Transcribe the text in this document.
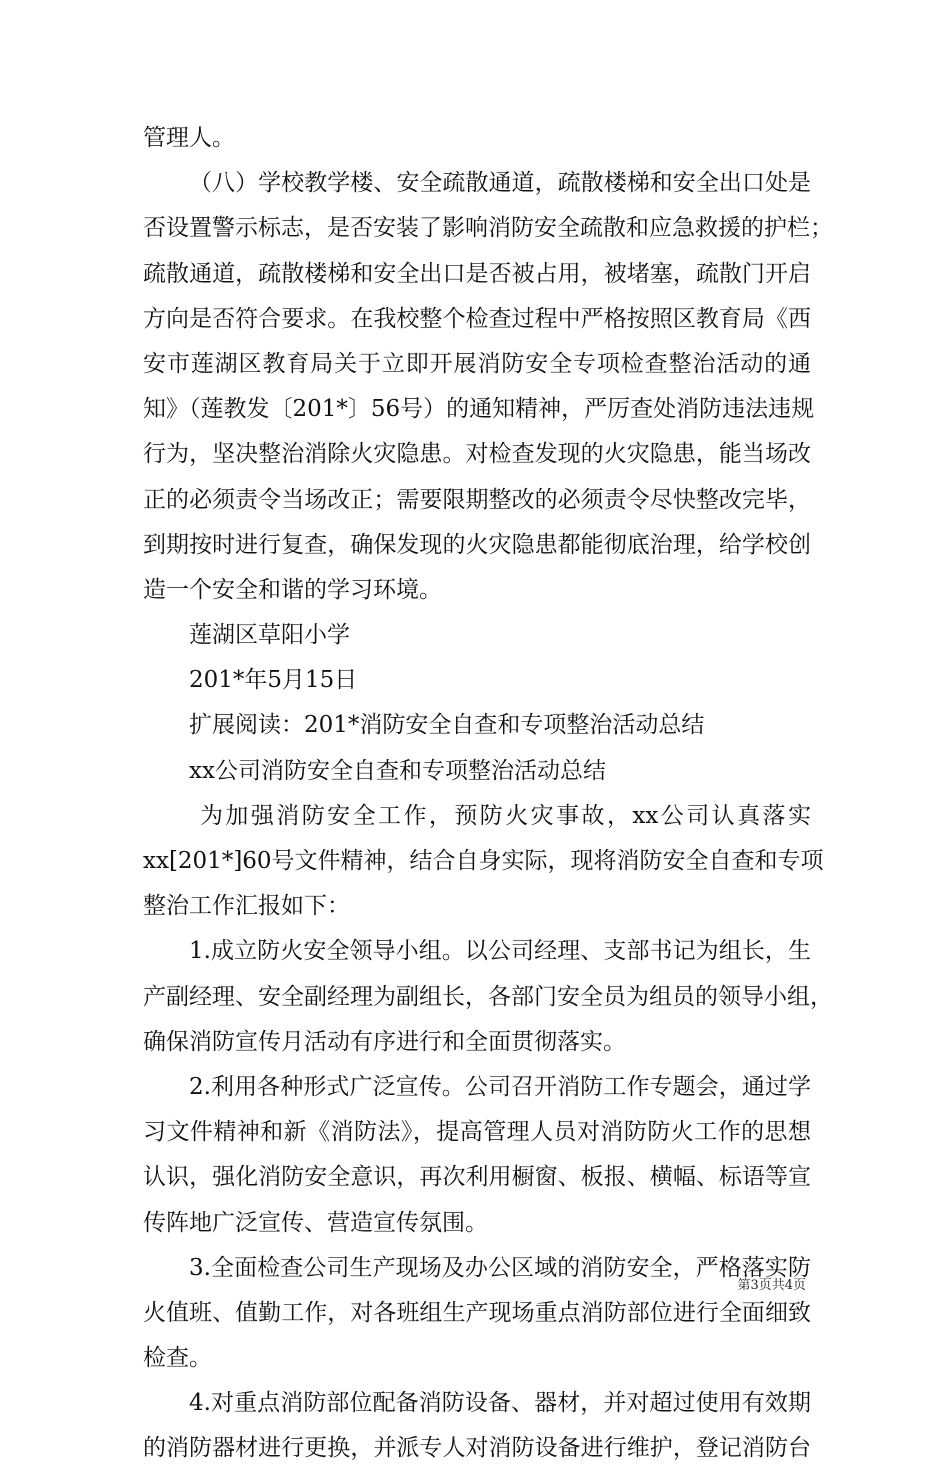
管理人。
（八）学校教学楼、安全疏散通道，疏散楼梯和安全出口处是
否设置警示标志，是否安装了影响消防安全疏散和应急救援的护栏；
疏散通道，疏散楼梯和安全出口是否被占用，被堵塞，疏散门开启
方向是否符合要求。在我校整个检查过程中严格按照区教育局《西
安市莲湖区教育局关于立即开展消防安全专项检查整治活动的通
知》（莲教发〔201*〕56号）的通知精神，严厉查处消防违法违规
行为，坚决整治消除火灾隐患。对检查发现的火灾隐患，能当场改
正的必须责令当场改正；需要限期整改的必须责令尽快整改完毕，
到期按时进行复查，确保发现的火灾隐患都能彻底治理，给学校创
造一个安全和谐的学习环境。
莲湖区草阳小学
201*年5月15日
扩展阅读：201*消防安全自查和专项整治活动总结
xx公司消防安全自查和专项整治活动总结
为加强消防安全工作，预防火灾事故，xx公司认真落实
xx[201*]60号文件精神，结合自身实际，现将消防安全自查和专项
整治工作汇报如下：
1.成立防火安全领导小组。以公司经理、支部书记为组长，生
产副经理、安全副经理为副组长，各部门安全员为组员的领导小组，
确保消防宣传月活动有序进行和全面贯彻落实。
2.利用各种形式广泛宣传。公司召开消防工作专题会，通过学
习文件精神和新《消防法》，提高管理人员对消防防火工作的思想
认识，强化消防安全意识，再次利用橱窗、板报、横幅、标语等宣
传阵地广泛宣传、营造宣传氛围。
3.全面检查公司生产现场及办公区域的消防安全，严格落实防
火值班、值勤工作，对各班组生产现场重点消防部位进行全面细致
检查。
4.对重点消防部位配备消防设备、器材，并对超过使用有效期
的消防器材进行更换，并派专人对消防设备进行维护，登记消防台
第3页共4页
